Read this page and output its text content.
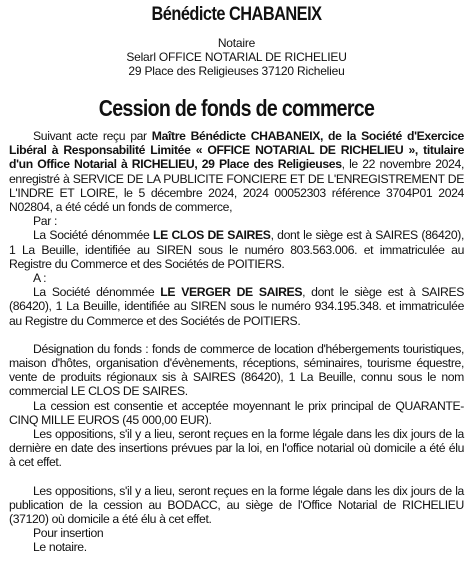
Bénédicte CHABANEIX
Notaire
Selarl OFFICE NOTARIAL DE RICHELIEU
29 Place des Religieuses 37120 Richelieu
Cession de fonds de commerce

Suivant acte reçu par Maître Bénédicte CHABANEIX, de la Société d'Exercice Libéral à Responsabilité Limitée « OFFICE NOTARIAL DE RICHELIEU », titulaire d'un Office Notarial à RICHELIEU, 29 Place des Religieuses, le 22 novembre 2024, enregistré à SERVICE DE LA PUBLICITE FONCIERE ET DE L'ENREGISTREMENT DE L'INDRE ET LOIRE, le 5 décembre 2024, 2024 00052303 référence 3704P01 2024 N02804, a été cédé un fonds de commerce,

Par :

La Société dénommée LE CLOS DE SAIRES, dont le siège est à SAIRES (86420), 1 La Beuille, identifiée au SIREN sous le numéro 803.563.006. et immatriculée au Registre du Commerce et des Sociétés de POITIERS.

A :

La Société dénommée LE VERGER DE SAIRES, dont le siège est à SAIRES (86420), 1 La Beuille, identifiée au SIREN sous le numéro 934.195.348. et immatriculée au Registre du Commerce et des Sociétés de POITIERS.

Désignation du fonds : fonds de commerce de location d'hébergements touristiques, maison d'hôtes, organisation d'évènements, réceptions, séminaires, tourisme équestre, vente de produits régionaux sis à SAIRES (86420), 1 La Beuille, connu sous le nom commercial LE CLOS DE SAIRES.

La cession est consentie et acceptée moyennant le prix principal de QUARANTE-CINQ MILLE EUROS (45 000,00 EUR).

Les oppositions, s'il y a lieu, seront reçues en la forme légale dans les dix jours de la dernière en date des insertions prévues par la loi, en l'office notarial où domicile a été élu à cet effet.

Les oppositions, s'il y a lieu, seront reçues en la forme légale dans les dix jours de la publication de la cession au BODACC, au siège de l'Office Notarial de RICHELIEU (37120) où domicile a été élu à cet effet.

Pour insertion

Le notaire.
